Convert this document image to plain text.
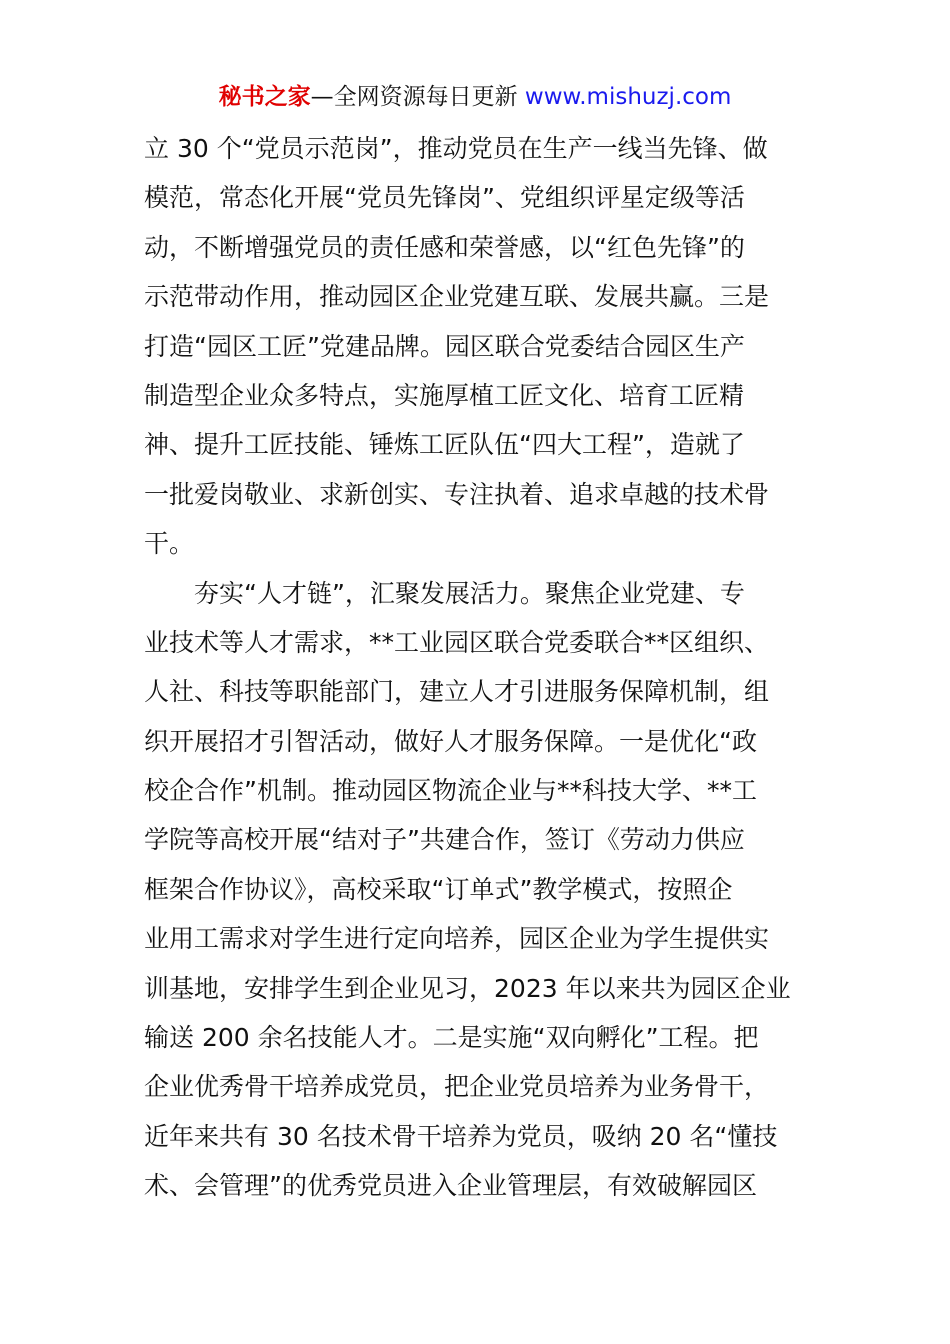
秘书之家—全网资源每日更新 www.mishuzj.com
立 30 个“党员示范岗”，推动党员在生产一线当先锋、做
模范，常态化开展“党员先锋岗”、党组织评星定级等活
动，不断增强党员的责任感和荣誉感，以“红色先锋”的
示范带动作用，推动园区企业党建互联、发展共赢。三是
打造“园区工匠”党建品牌。园区联合党委结合园区生产
制造型企业众多特点，实施厚植工匠文化、培育工匠精
神、提升工匠技能、锤炼工匠队伍“四大工程”，造就了
一批爱岗敬业、求新创实、专注执着、追求卓越的技术骨
干。
夯实“人才链”，汇聚发展活力。聚焦企业党建、专
业技术等人才需求，**工业园区联合党委联合**区组织、
人社、科技等职能部门，建立人才引进服务保障机制，组
织开展招才引智活动，做好人才服务保障。一是优化“政
校企合作”机制。推动园区物流企业与**科技大学、**工
学院等高校开展“结对子”共建合作，签订《劳动力供应
框架合作协议》，高校采取“订单式”教学模式，按照企
业用工需求对学生进行定向培养，园区企业为学生提供实
训基地，安排学生到企业见习，2023 年以来共为园区企业
输送 200 余名技能人才。二是实施“双向孵化”工程。把
企业优秀骨干培养成党员，把企业党员培养为业务骨干，
近年来共有 30 名技术骨干培养为党员，吸纳 20 名“懂技
术、会管理”的优秀党员进入企业管理层，有效破解园区
